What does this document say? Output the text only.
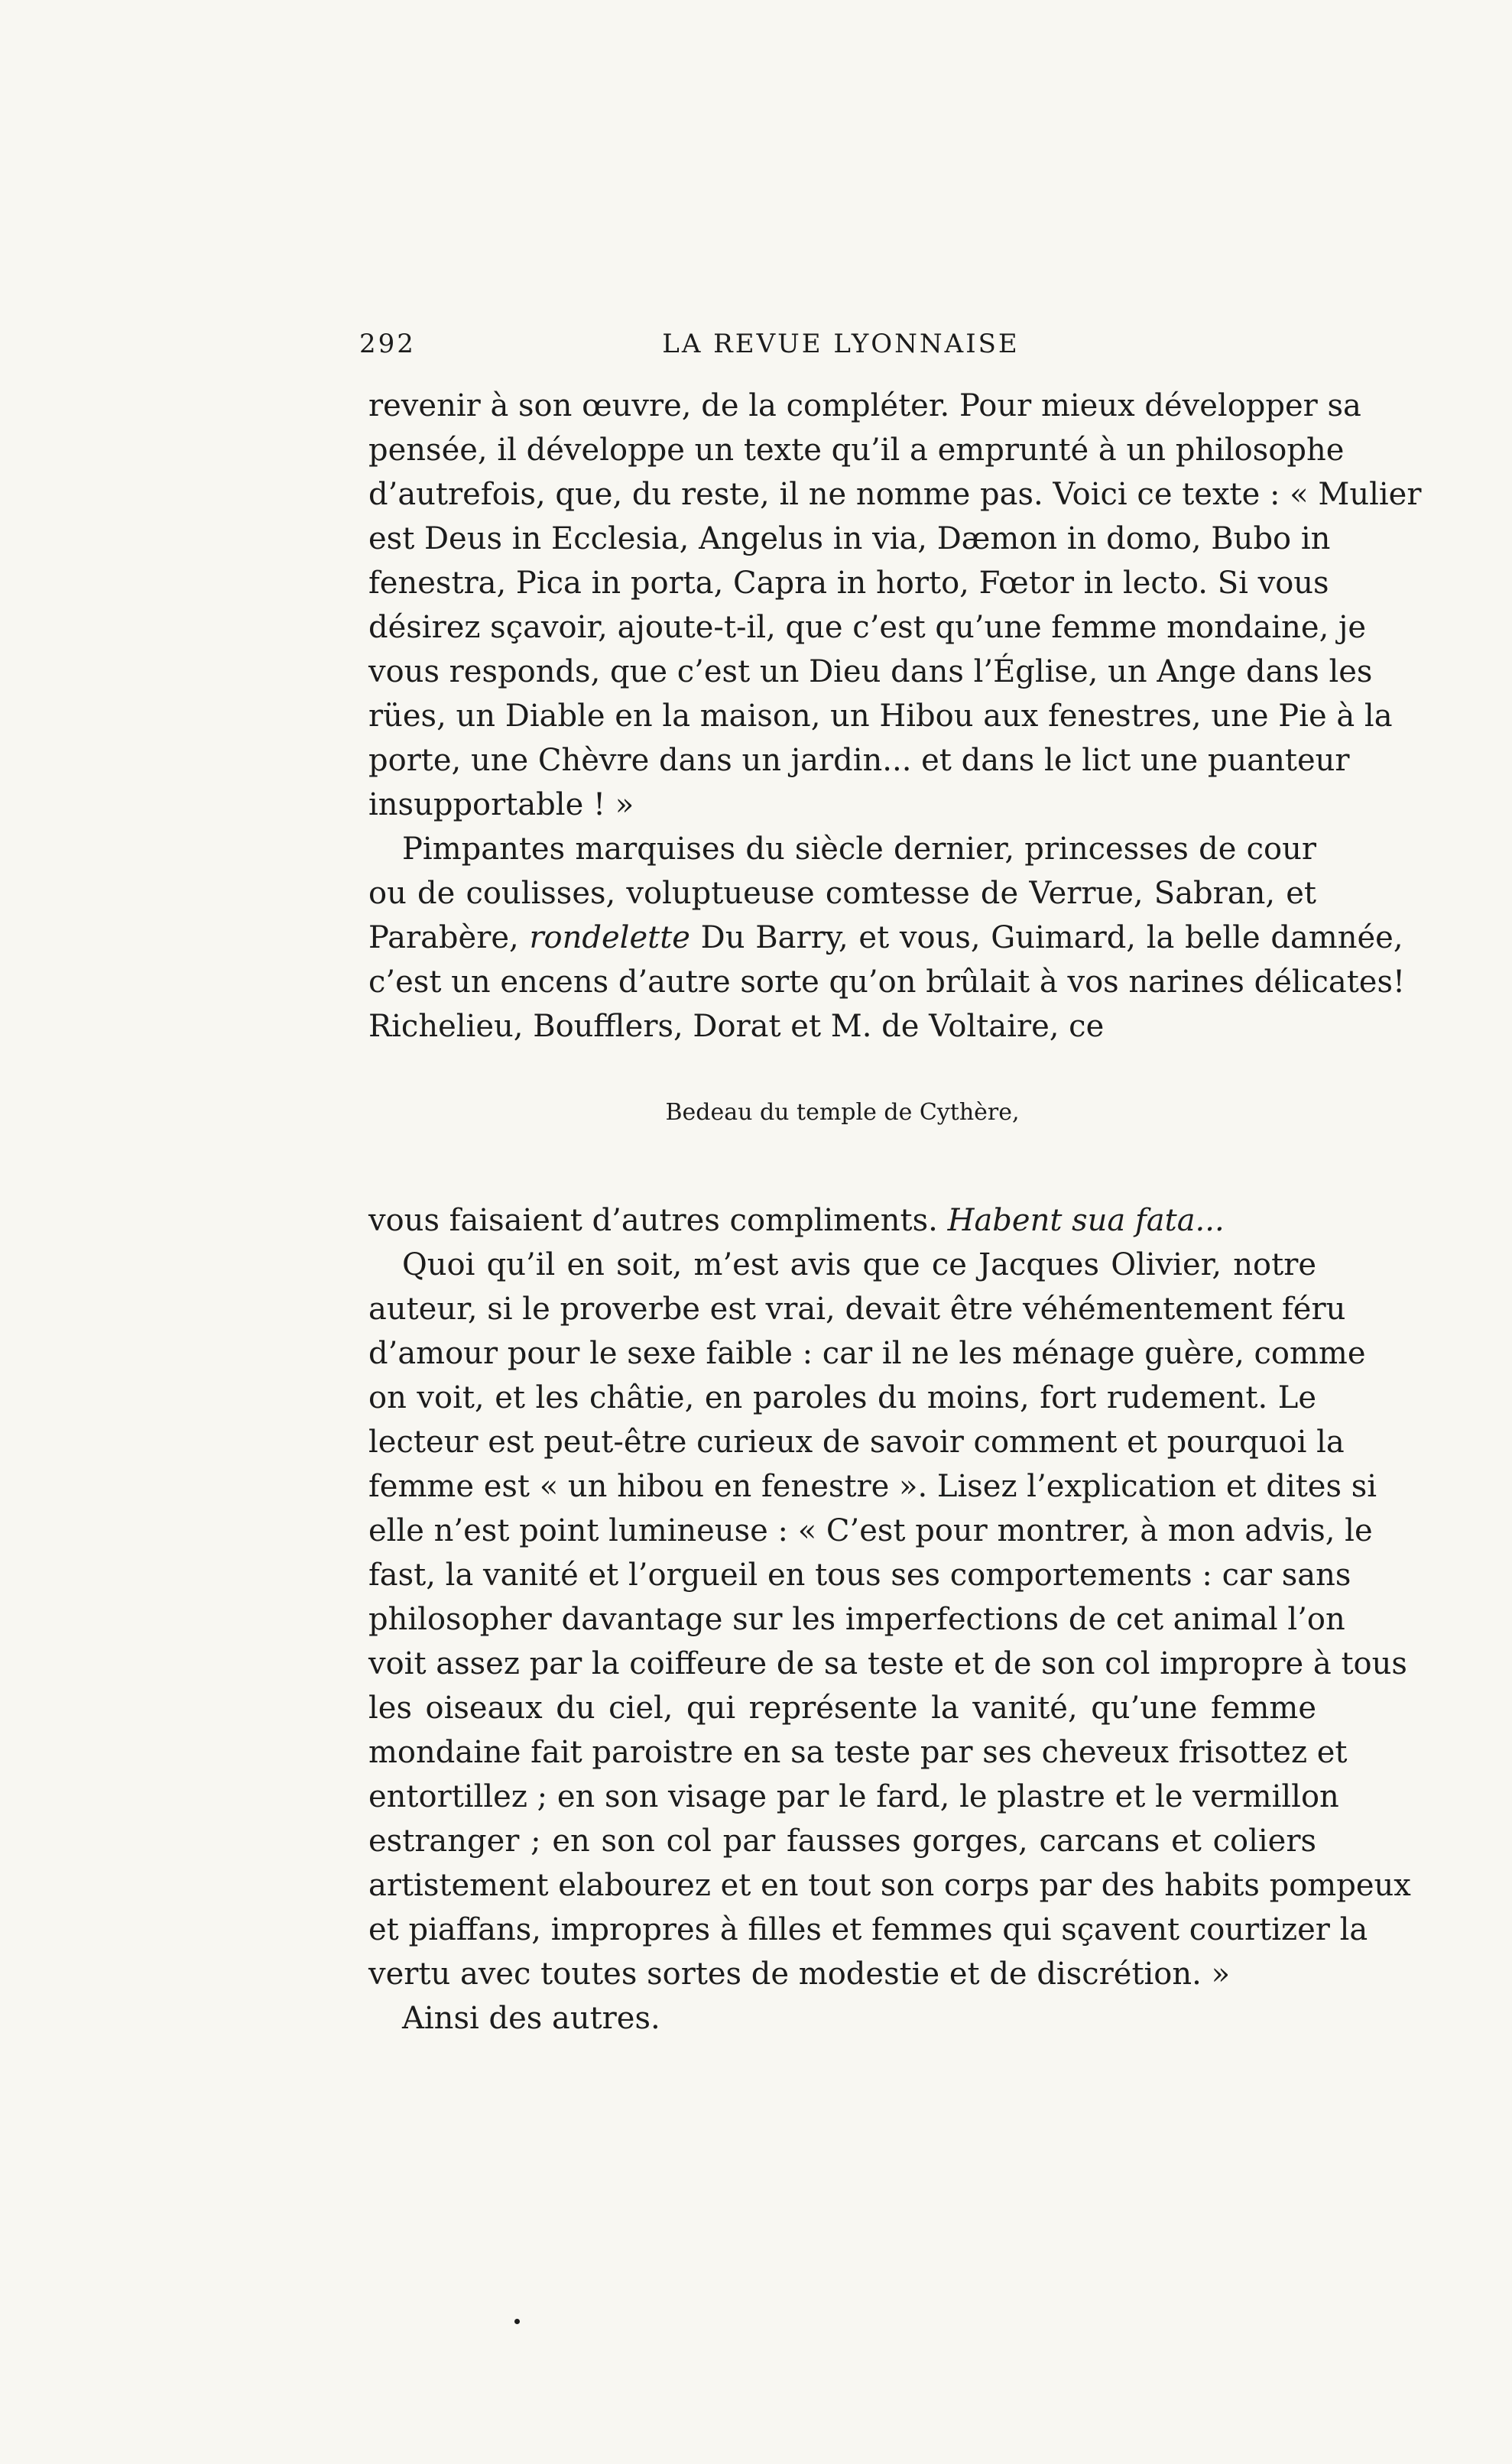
292	LA REVUE LYONNAISE
revenir à son œuvre, de la compléter. Pour mieux développer sa
pensée, il développe un texte qu’il a emprunté à un philosophe
d’autrefois, que, du reste, il ne nomme pas. Voici ce texte : « Mulier
est Deus in Ecclesia, Angelus in via, Dæmon in domo, Bubo in
fenestra, Pica in porta, Capra in horto, Fœtor in lecto. Si vous
désirez sçavoir, ajoute-t-il, que c’est qu’une femme mondaine, je
vous responds, que c’est un Dieu dans l’Église, un Ange dans les
rües, un Diable en la maison, un Hibou aux fenestres, une Pie à la
porte, une Chèvre dans un jardin... et dans le lict une puanteur
insupportable ! »
Pimpantes marquises du siècle dernier, princesses de cour
ou de coulisses, voluptueuse comtesse de Verrue, Sabran, et
Parabère, rondelette Du Barry, et vous, Guimard, la belle damnée,
c’est un encens d’autre sorte qu’on brûlait à vos narines délicates!
Richelieu, Boufflers, Dorat et M. de Voltaire, ce
Bedeau du temple de Cythère,
vous faisaient d’autres compliments. Habent sua fata...
Quoi qu’il en soit, m’est avis que ce Jacques Olivier, notre
auteur, si le proverbe est vrai, devait être véhémentement féru
d’amour pour le sexe faible : car il ne les ménage guère, comme
on voit, et les châtie, en paroles du moins, fort rudement. Le
lecteur est peut-être curieux de savoir comment et pourquoi la
femme est « un hibou en fenestre ». Lisez l’explication et dites si
elle n’est point lumineuse : « C’est pour montrer, à mon advis, le
fast, la vanité et l’orgueil en tous ses comportements : car sans
philosopher davantage sur les imperfections de cet animal l’on
voit assez par la coiffeure de sa teste et de son col impropre à tous
les oiseaux du ciel, qui représente la vanité, qu’une femme
mondaine fait paroistre en sa teste par ses cheveux frisottez et
entortillez ; en son visage par le fard, le plastre et le vermillon
estranger ; en son col par fausses gorges, carcans et coliers
artistement elabourez et en tout son corps par des habits pompeux
et piaffans, impropres à filles et femmes qui sçavent courtizer la
vertu avec toutes sortes de modestie et de discrétion. »
Ainsi des autres.
